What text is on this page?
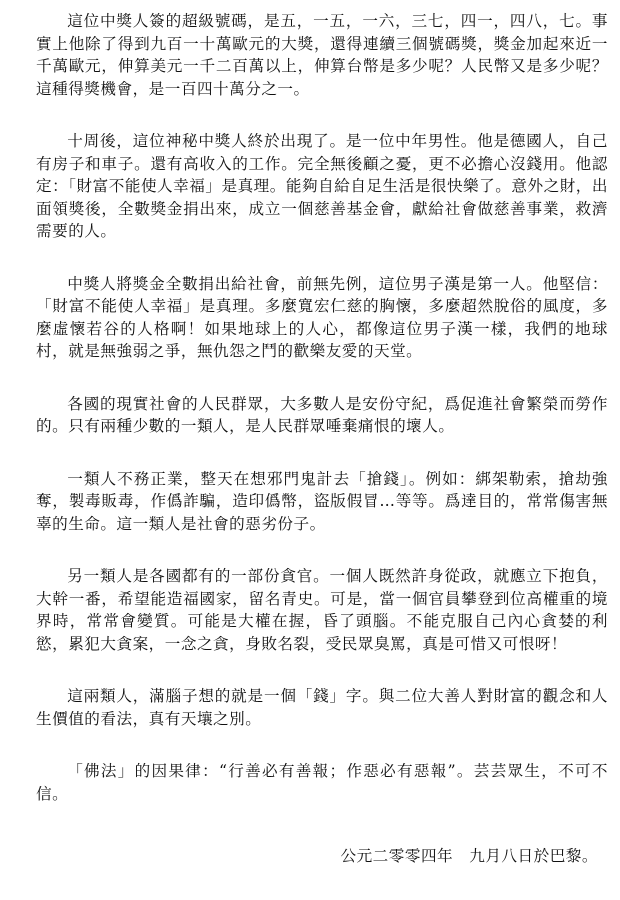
這位中獎人簽的超級號碼，是五，一五，一六，三七，四一，四八，七。事實上他除了得到九百一十萬歐元的大獎，還得連續三個號碼獎，獎金加起來近一千萬歐元，伸算美元一千二百萬以上，伸算台幣是多少呢？人民幣又是多少呢？這種得獎機會，是一百四十萬分之一。

十周後，這位神秘中獎人終於出現了。是一位中年男性。他是德國人，自己有房子和車子。還有高收入的工作。完全無後顧之憂，更不必擔心沒錢用。他認定：「財富不能使人幸福」是真理。能夠自給自足生活是很快樂了。意外之財，出面領獎後，全數獎金捐出來，成立一個慈善基金會，獻給社會做慈善事業，救濟需要的人。

中獎人將獎金全數捐出給社會，前無先例，這位男子漢是第一人。他堅信：「財富不能使人幸福」是真理。多麼寬宏仁慈的胸懷，多麼超然脫俗的風度，多麼虛懷若谷的人格啊！如果地球上的人心，都像這位男子漢一樣，我們的地球村，就是無強弱之爭，無仇怨之鬥的歡樂友愛的天堂。

各國的現實社會的人民群眾，大多數人是安份守紀，爲促進社會繁榮而勞作的。只有兩種少數的一類人，是人民群眾唾棄痛恨的壞人。

一類人不務正業，整天在想邪門鬼計去「搶錢」。例如：綁架勒索，搶劫強奪，製毒販毒，作僞詐騙，造印僞幣，盜版假冒…等等。爲達目的，常常傷害無辜的生命。這一類人是社會的惡劣份子。

另一類人是各國都有的一部份貪官。一個人既然許身從政，就應立下抱負，大幹一番，希望能造福國家，留名青史。可是，當一個官員攀登到位高權重的境界時，常常會變質。可能是大權在握，昏了頭腦。不能克服自己內心貪婪的利慾，累犯大貪案，一念之貪，身敗名裂，受民眾臭罵，真是可惜又可恨呀！

這兩類人，滿腦子想的就是一個「錢」字。與二位大善人對財富的觀念和人生價值的看法，真有天壤之別。

「佛法」的因果律：“行善必有善報；作惡必有惡報”。芸芸眾生，不可不信。

公元二零零四年　九月八日於巴黎。
